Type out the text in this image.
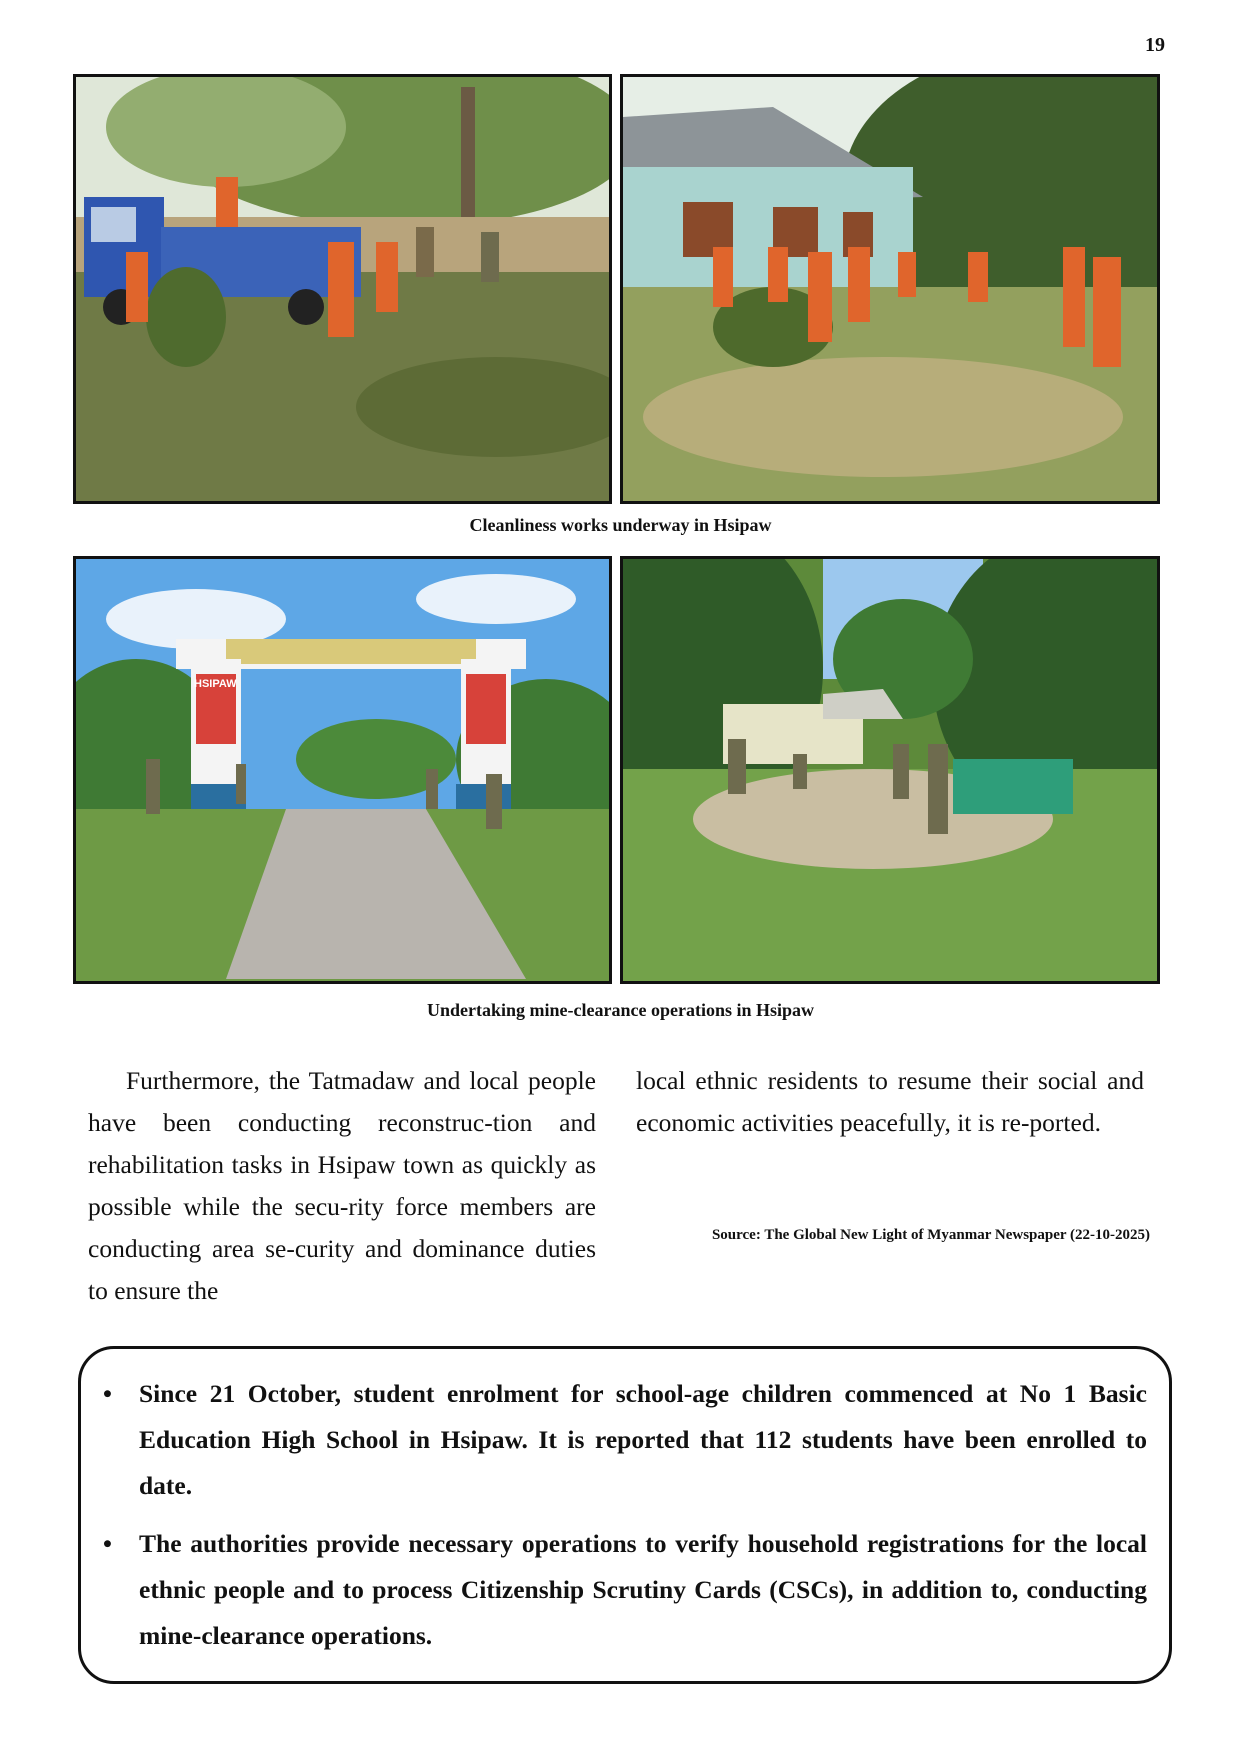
19
Cleanliness works underway in Hsipaw
HSIPAW
Undertaking mine-clearance operations in Hsipaw

Furthermore, the Tatmadaw and local people have been conducting reconstruc-tion and rehabilitation tasks in Hsipaw town as quickly as possible while the secu-rity force members are conducting area se-curity and dominance duties to ensure the

local ethnic residents to resume their social and economic activities peacefully, it is re-ported.

Source: The Global New Light of Myanmar Newspaper (22-10-2025)
• Since 21 October, student enrolment for school-age children commenced at No 1 Basic Education High School in Hsipaw. It is reported that 112 students have been enrolled to date.
• The authorities provide necessary operations to verify household registrations for the local ethnic people and to process Citizenship Scrutiny Cards (CSCs), in addition to, conducting mine-clearance operations.
